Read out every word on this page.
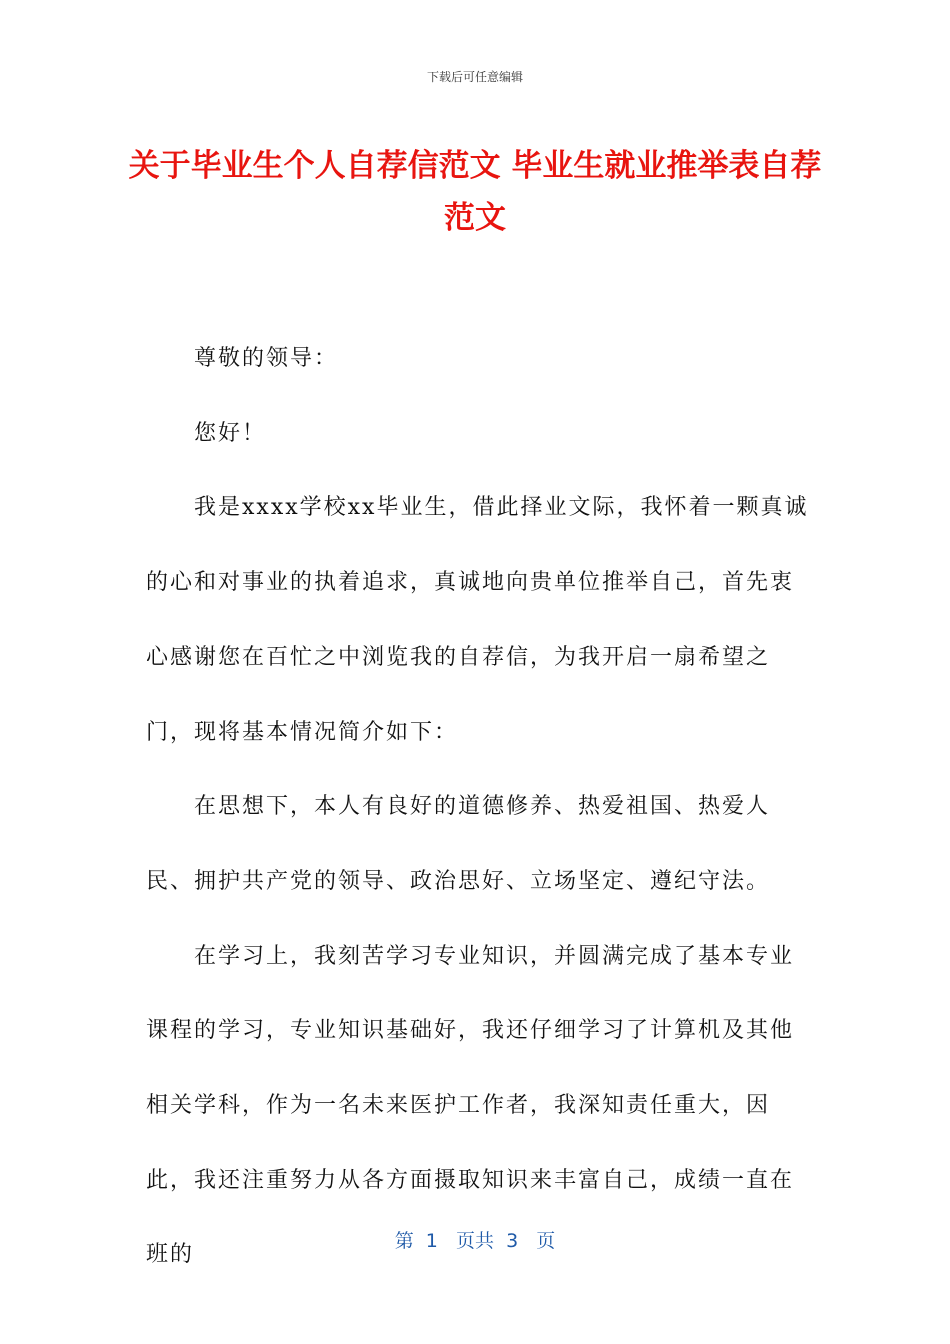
下载后可任意编辑
关于毕业生个人自荐信范文 毕业生就业推举表自荐范文

尊敬的领导：

您好！

我是xxxx学校xx毕业生，借此择业文际，我怀着一颗真诚的心和对事业的执着追求，真诚地向贵单位推举自己，首先衷心感谢您在百忙之中浏览我的自荐信，为我开启一扇希望之门，现将基本情况简介如下：

在思想下，本人有良好的道德修养、热爱祖国、热爱人民、拥护共产党的领导、政治思好、立场坚定、遵纪守法。

在学习上，我刻苦学习专业知识，并圆满完成了基本专业课程的学习，专业知识基础好，我还仔细学习了计算机及其他相关学科，作为一名未来医护工作者，我深知责任重大，因此，我还注重努力从各方面摄取知识来丰富自己，成绩一直在班的

第  1   页共  3   页
